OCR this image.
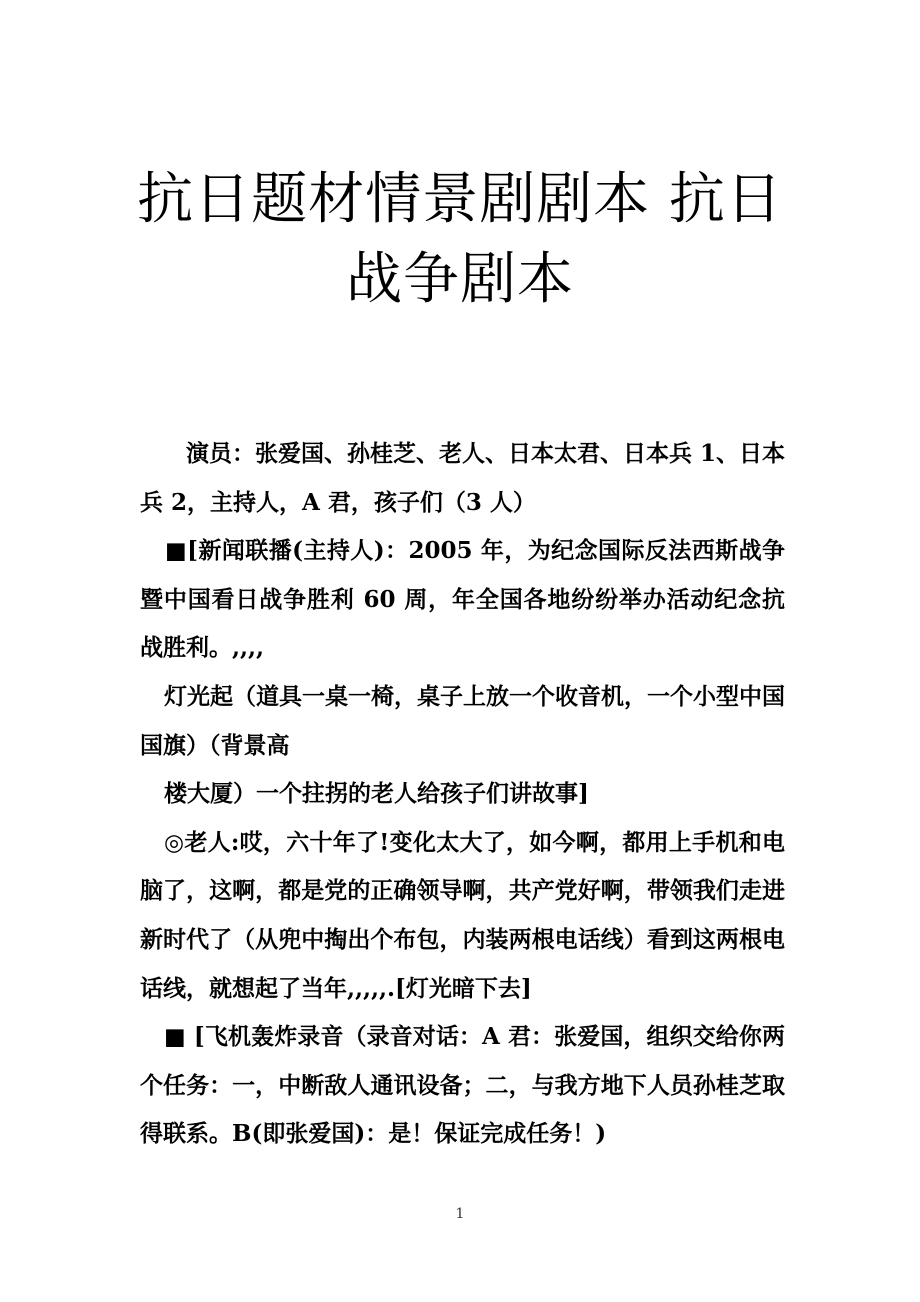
抗日题材情景剧剧本 抗日
战争剧本

演员：张爱国、孙桂芝、老人、日本太君、日本兵 1、日本兵 2，主持人，A 君，孩子们（3 人）

■[新闻联播(主持人)：2005 年，为纪念国际反法西斯战争暨中国看日战争胜利 60 周，年全国各地纷纷举办活动纪念抗战胜利。,,,,

灯光起（道具一桌一椅，桌子上放一个收音机，一个小型中国国旗）（背景高

楼大厦）一个拄拐的老人给孩子们讲故事]

◎老人:哎，六十年了!变化太大了，如今啊，都用上手机和电脑了，这啊，都是党的正确领导啊，共产党好啊，带领我们走进新时代了（从兜中掏出个布包，内装两根电话线）看到这两根电话线，就想起了当年,,,,,.[灯光暗下去]

■ [飞机轰炸录音（录音对话：A 君：张爱国，组织交给你两个任务：一，中断敌人通讯设备；二，与我方地下人员孙桂芝取得联系。B(即张爱国)：是！保证完成任务！)

1
